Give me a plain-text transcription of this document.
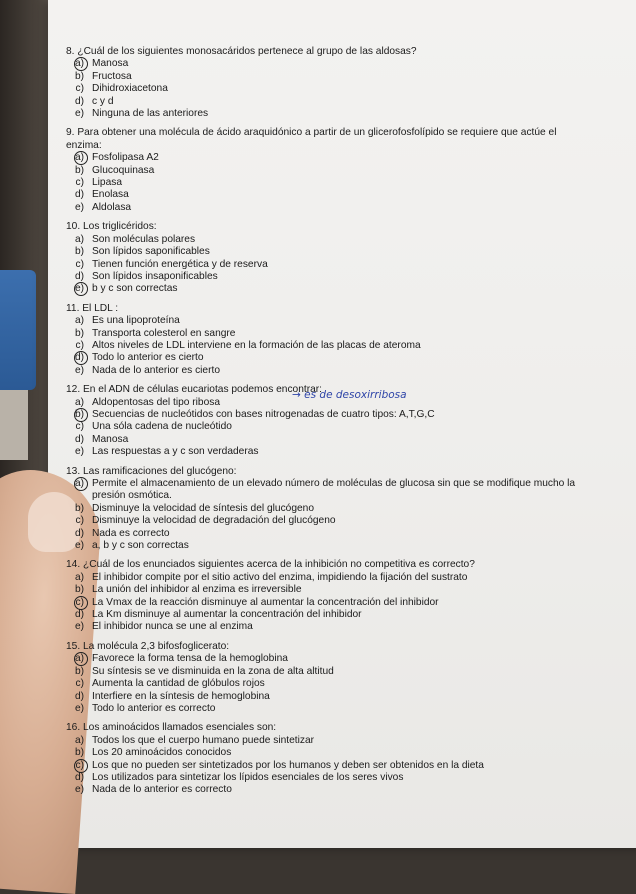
8. ¿Cuál de los siguientes monosacáridos pertenece al grupo de las aldosas?

a) Manosa
b) Fructosa
c) Dihidroxiacetona
d) c y d
e) Ninguna de las anteriores

9. Para obtener una molécula de ácido araquidónico a partir de un glicerofosfolípido se requiere que actúe el enzima:

a) Fosfolipasa A2
b) Glucoquinasa
c) Lipasa
d) Enolasa
e) Aldolasa

10. Los triglicéridos:

a) Son moléculas polares
b) Son lípidos saponificables
c) Tienen función energética y de reserva
d) Son lípidos insaponificables
e) b y c son correctas

11. El LDL :

a) Es una lipoproteína
b) Transporta colesterol en sangre
c) Altos niveles de LDL interviene en la formación de las placas de ateroma
d) Todo lo anterior es cierto
e) Nada de lo anterior es cierto

12. En el ADN de células eucariotas podemos encontrar:

a) Aldopentosas del tipo ribosa
b) Secuencias de nucleótidos con bases nitrogenadas de cuatro tipos: A,T,G,C
c) Una sóla cadena de nucleótido
d) Manosa
e) Las respuestas a y c son verdaderas

13. Las ramificaciones del glucógeno:

a) Permite el almacenamiento de un elevado número de moléculas de glucosa sin que se modifique mucho la presión osmótica.
b) Disminuye la velocidad de síntesis del glucógeno
c) Disminuye la velocidad de degradación del glucógeno
d) Nada es correcto
e) a, b y c son correctas

14. ¿Cuál de los enunciados siguientes acerca de la inhibición no competitiva es correcto?

a) El inhibidor compite por el sitio activo del enzima, impidiendo la fijación del sustrato
b) La unión del inhibidor al enzima es irreversible
c) La Vmax de la reacción disminuye al aumentar la concentración del inhibidor
d) La Km disminuye al aumentar la concentración del inhibidor
e) El inhibidor nunca se une al enzima

15. La molécula 2,3 bifosfoglicerato:

a) Favorece la forma tensa de la hemoglobina
b) Su síntesis se ve disminuida en la zona de alta altitud
c) Aumenta la cantidad de glóbulos rojos
d) Interfiere en la síntesis de hemoglobina
e) Todo lo anterior es correcto

16. Los aminoácidos llamados esenciales son:

a) Todos los que el cuerpo humano puede sintetizar
b) Los 20 aminoácidos conocidos
c) Los que no pueden ser sintetizados por los humanos y deben ser obtenidos en la dieta
d) Los utilizados para sintetizar los lípidos esenciales de los seres vivos
e) Nada de lo anterior es correcto
→ es de desoxirribosa
